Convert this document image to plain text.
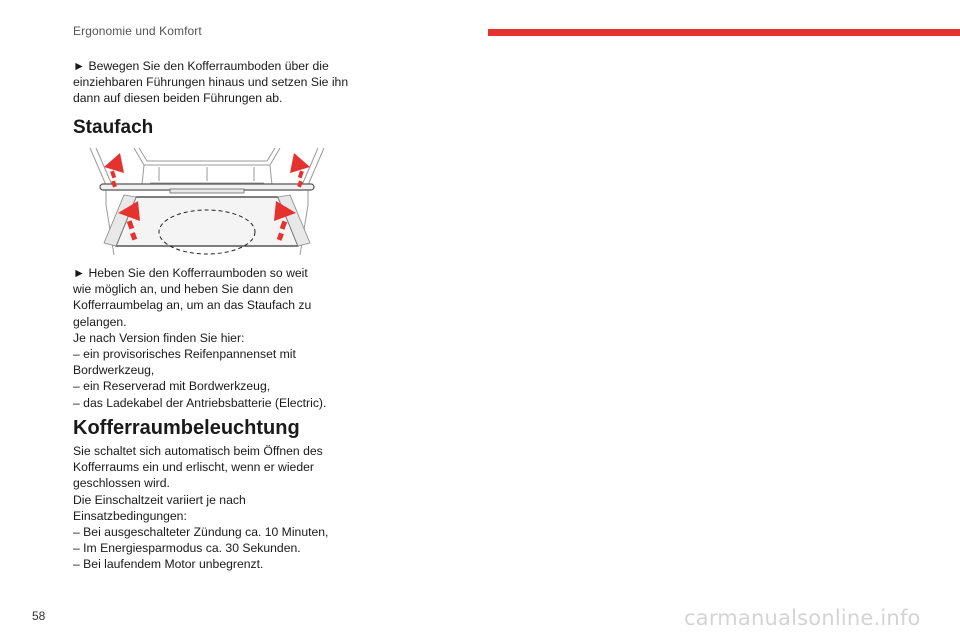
Ergonomie und Komfort

► Bewegen Sie den Kofferraumboden über die
einziehbaren Führungen hinaus und setzen Sie ihn
dann auf diesen beiden Führungen ab.

Staufach

► Heben Sie den Kofferraumboden so weit
wie möglich an, und heben Sie dann den
Kofferraumbelag an, um an das Staufach zu
gelangen.
Je nach Version finden Sie hier:
– ein provisorisches Reifenpannenset mit
Bordwerkzeug,
– ein Reserverad mit Bordwerkzeug,
– das Ladekabel der Antriebsbatterie (Electric).

Kofferraumbeleuchtung

Sie schaltet sich automatisch beim Öffnen des
Kofferraums ein und erlischt, wenn er wieder
geschlossen wird.
Die Einschaltzeit variiert je nach
Einsatzbedingungen:
– Bei ausgeschalteter Zündung ca. 10 Minuten,
– Im Energiesparmodus ca. 30 Sekunden.
– Bei laufendem Motor unbegrenzt.

58	carmanualsonline.info
